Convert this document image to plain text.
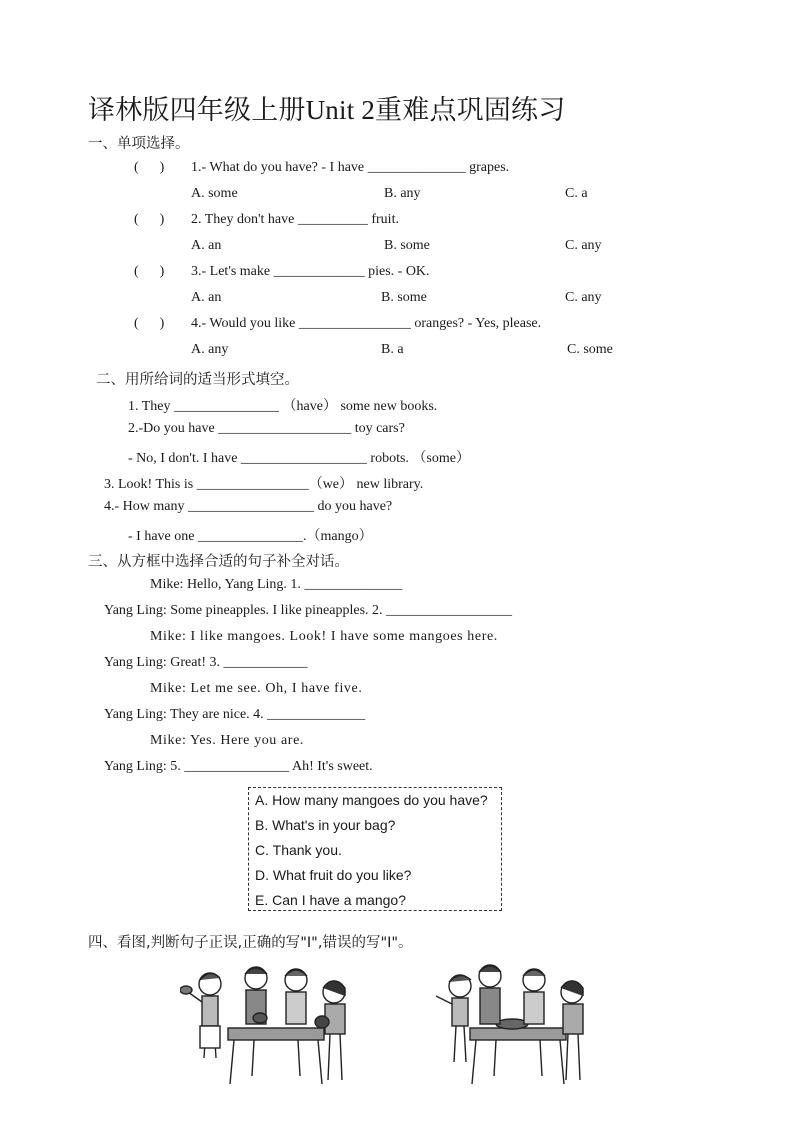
译林版四年级上册Unit 2重难点巩固练习
一、单项选择。
(      ) 1.- What do you have? - I have ______________ grapes.
A. some	B. any	C. a
(      ) 2. They don't have __________ fruit.
A. an	B. some	C. any
(      ) 3.- Let's make _____________ pies. - OK.
A. an	B. some	C. any
(      ) 4.- Would you like ________________ oranges? - Yes, please.
A. any	B. a	C. some
二、用所给词的适当形式填空。
1. They _______________ （have） some new books.
2.-Do you have ___________________ toy cars?
- No, I don't. I have __________________ robots. （some）
3. Look! This is ________________（we） new library.
4.- How many __________________ do you have?
- I have one _______________.（mango）
三、从方框中选择合适的句子补全对话。
Mike: Hello, Yang Ling. 1. ______________
Yang Ling: Some pineapples. I like pineapples. 2. __________________
Mike: I like mangoes. Look! I have some mangoes here.
Yang Ling: Great! 3. ____________
Mike: Let me see. Oh, I have five.
Yang Ling: They are nice. 4. ______________
Mike: Yes. Here you are.
Yang Ling: 5. _______________ Ah! It's sweet.
A. How many mangoes do you have?
B. What's in your bag?
C. Thank you.
D. What fruit do you like?
E. Can I have a mango?
四、看图,判断句子正误,正确的写"I",错误的写"I"。
